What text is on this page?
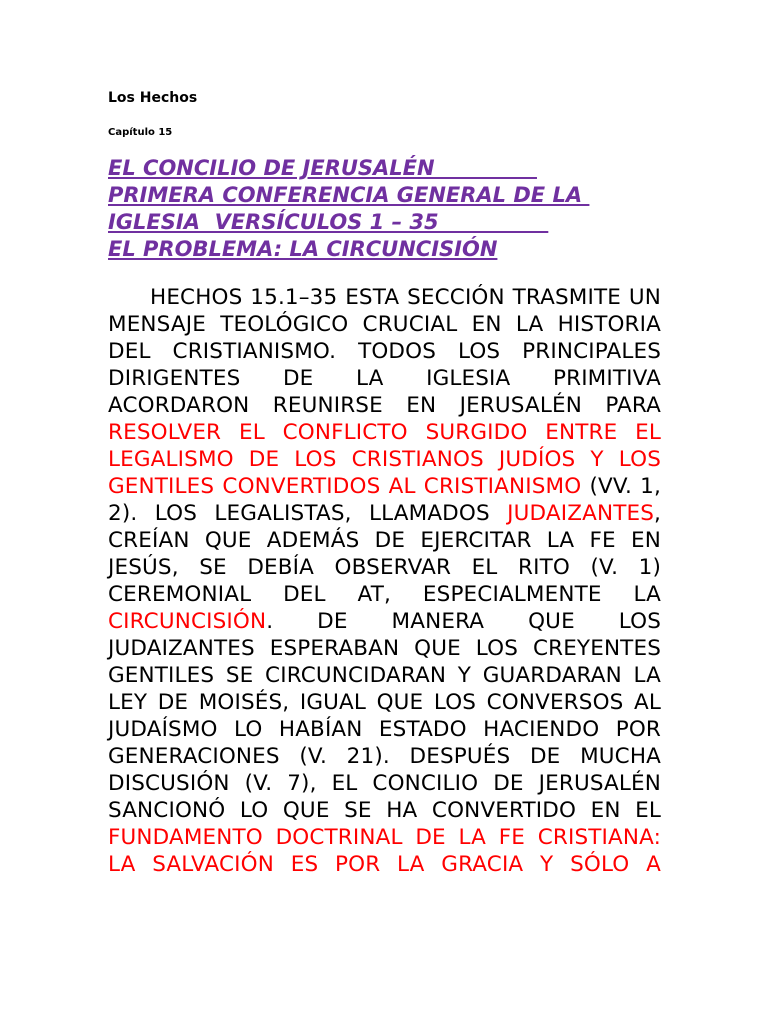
Los Hechos
Capítulo 15
EL CONCILIO DE JERUSALÉN
PRIMERA CONFERENCIA GENERAL DE LA
IGLESIA  VERSÍCULOS 1 – 35
EL PROBLEMA: LA CIRCUNCISIÓN

HECHOS 15.1–35 ESTA SECCIÓN TRASMITE UN MENSAJE TEOLÓGICO CRUCIAL EN LA HISTORIA DEL CRISTIANISMO. TODOS LOS PRINCIPALES DIRIGENTES DE LA IGLESIA PRIMITIVA ACORDARON REUNIRSE EN JERUSALÉN PARA RESOLVER EL CONFLICTO SURGIDO ENTRE EL LEGALISMO DE LOS CRISTIANOS JUDÍOS Y LOS GENTILES CONVERTIDOS AL CRISTIANISMO (VV. 1, 2). LOS LEGALISTAS, LLAMADOS JUDAIZANTES, CREÍAN QUE ADEMÁS DE EJERCITAR LA FE EN JESÚS, SE DEBÍA OBSERVAR EL RITO (V. 1) CEREMONIAL DEL AT, ESPECIALMENTE LA CIRCUNCISIÓN. DE MANERA QUE LOS JUDAIZANTES ESPERABAN QUE LOS CREYENTES GENTILES SE CIRCUNCIDARAN Y GUARDARAN LA LEY DE MOISÉS, IGUAL QUE LOS CONVERSOS AL JUDAÍSMO LO HABÍAN ESTADO HACIENDO POR GENERACIONES (V. 21). DESPUÉS DE MUCHA DISCUSIÓN (V. 7), EL CONCILIO DE JERUSALÉN SANCIONÓ LO QUE SE HA CONVERTIDO EN EL FUNDAMENTO DOCTRINAL DE LA FE CRISTIANA: LA SALVACIÓN ES POR LA GRACIA Y SÓLO A
